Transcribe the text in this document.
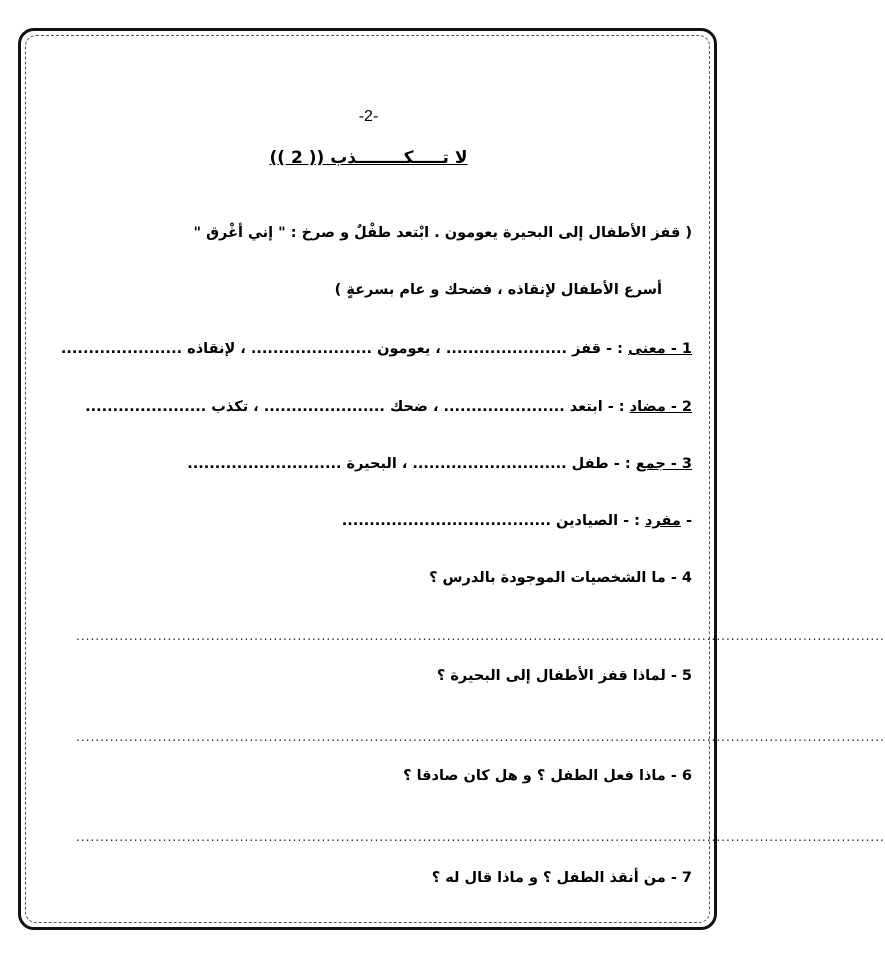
-2-
(( 2 )) لا تـــــكــــــــذب
( قفز الأطفال إلى البحيرة يعومون . ابْتعد طفْلٌ و صرخ : " إني أغْرق "
أسرع الأطفال لإنقاذه ، فضحك و عام بسرعةٍ )
1 - معنى : - قفز ...................... ، يعومون ...................... ، لإنقاذه ......................
2 - مضاد : - ابتعد ...................... ، ضحك ...................... ، تكذب ......................
3 - جمع : - طفل ............................ ، البحيرة ............................
- مفرد : - الصيادين ......................................
4 - ما الشخصيات الموجودة بالدرس ؟
........................................................................................................................................................................
5 - لماذا قفز الأطفال إلى البحيرة ؟
........................................................................................................................................................................
6 - ماذا فعل الطفل ؟ و هل كان صادقا ؟
........................................................................................................................................................................
7 - من أنقذ الطفل ؟ و ماذا قال له ؟
